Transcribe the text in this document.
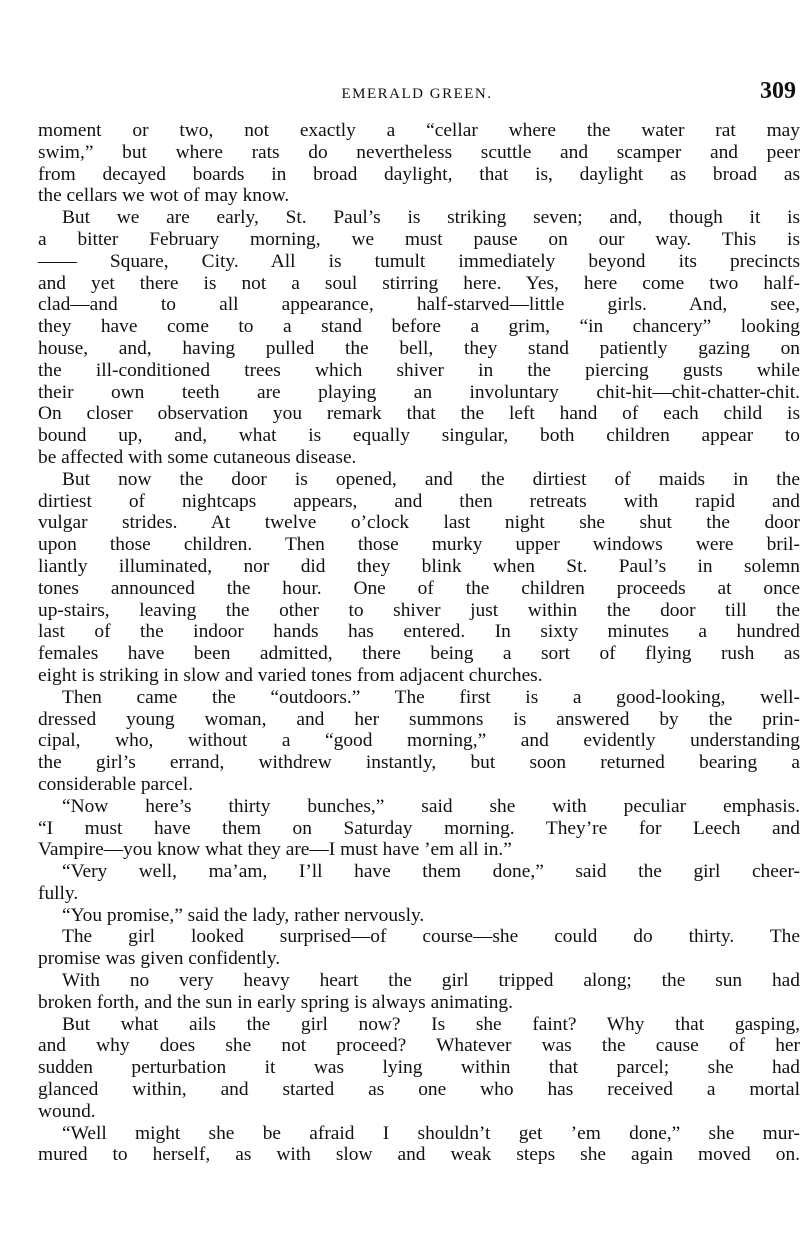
EMERALD GREEN.	309

moment or two, not exactly a “cellar where the water rat may
swim,” but where rats do nevertheless scuttle and scamper and peer
from decayed boards in broad daylight, that is, daylight as broad as
the cellars we wot of may know.

But we are early, St. Paul’s is striking seven; and, though it is
a bitter February morning, we must pause on our way. This is
—— Square, City. All is tumult immediately beyond its precincts
and yet there is not a soul stirring here. Yes, here come two half-
clad—and to all appearance, half-starved—little girls. And, see,
they have come to a stand before a grim, “in chancery” looking
house, and, having pulled the bell, they stand patiently gazing on
the ill-conditioned trees which shiver in the piercing gusts while
their own teeth are playing an involuntary chit-hit—chit-chatter-chit.
On closer observation you remark that the left hand of each child is
bound up, and, what is equally singular, both children appear to
be affected with some cutaneous disease.

But now the door is opened, and the dirtiest of maids in the
dirtiest of nightcaps appears, and then retreats with rapid and
vulgar strides. At twelve o’clock last night she shut the door
upon those children. Then those murky upper windows were bril-
liantly illuminated, nor did they blink when St. Paul’s in solemn
tones announced the hour. One of the children proceeds at once
up-stairs, leaving the other to shiver just within the door till the
last of the indoor hands has entered. In sixty minutes a hundred
females have been admitted, there being a sort of flying rush as
eight is striking in slow and varied tones from adjacent churches.

Then came the “outdoors.” The first is a good-looking, well-
dressed young woman, and her summons is answered by the prin-
cipal, who, without a “good morning,” and evidently understanding
the girl’s errand, withdrew instantly, but soon returned bearing a
considerable parcel.

“Now here’s thirty bunches,” said she with peculiar emphasis.
“I must have them on Saturday morning. They’re for Leech and
Vampire—you know what they are—I must have ’em all in.”

“Very well, ma’am, I’ll have them done,” said the girl cheer-
fully.

“You promise,” said the lady, rather nervously.

The girl looked surprised—of course—she could do thirty. The
promise was given confidently.

With no very heavy heart the girl tripped along; the sun had
broken forth, and the sun in early spring is always animating.

But what ails the girl now? Is she faint? Why that gasping,
and why does she not proceed? Whatever was the cause of her
sudden perturbation it was lying within that parcel; she had
glanced within, and started as one who has received a mortal
wound.

“Well might she be afraid I shouldn’t get ’em done,” she mur-
mured to herself, as with slow and weak steps she again moved on.
